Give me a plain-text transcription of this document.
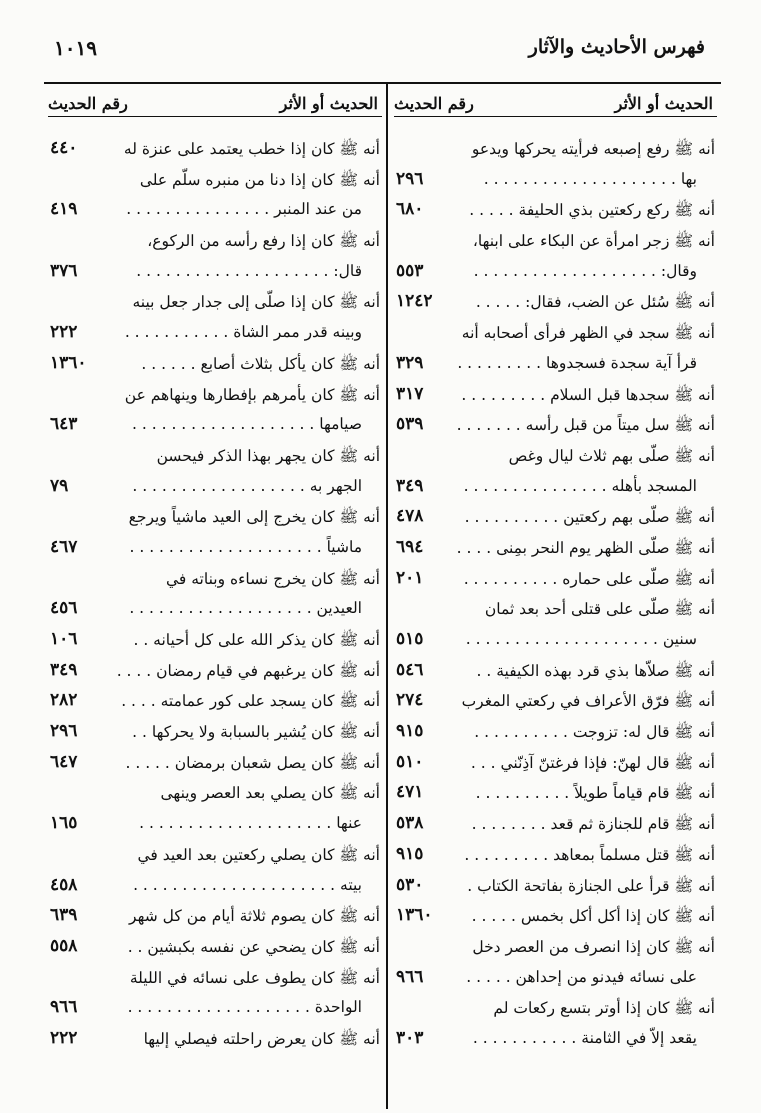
١٠١٩	فهرس الأحاديث والآثار
الحديث أو الأثر
رقم الحديث
أنه ﷺ رفع إصبعه فرأيته يحركها ويدعو
بها . . . . . . . . . . . . . . . . . . . .
٢٩٦
أنه ﷺ ركع ركعتين بذي الحليفة . . . . .
٦٨٠
أنه ﷺ زجر امرأة عن البكاء على ابنها،
وقال: . . . . . . . . . . . . . . . . . . .
٥٥٣
أنه ﷺ سُئل عن الضب، فقال: . . . . .
١٢٤٢
أنه ﷺ سجد في الظهر فرأى أصحابه أنه
قرأ آية سجدة فسجدوها . . . . . . . . .
٣٢٩
أنه ﷺ سجدها قبل السلام . . . . . . . . .
٣١٧
أنه ﷺ سل ميتاً من قبل رأسه . . . . . . .
٥٣٩
أنه ﷺ صلّى بهم ثلاث ليال وغص
المسجد بأهله . . . . . . . . . . . . . . .
٣٤٩
أنه ﷺ صلّى بهم ركعتين . . . . . . . . . .
٤٧٨
أنه ﷺ صلّى الظهر يوم النحر بمِنى . . . .
٦٩٤
أنه ﷺ صلّى على حماره . . . . . . . . . .
٢٠١
أنه ﷺ صلّى على قتلى أحد بعد ثمان
سنين . . . . . . . . . . . . . . . . . . . .
٥١٥
أنه ﷺ صلاّها بذي قرد بهذه الكيفية . .
٥٤٦
أنه ﷺ فرّق الأعراف في ركعتي المغرب
٢٧٤
أنه ﷺ قال له: تزوجت . . . . . . . . . .
٩١٥
أنه ﷺ قال لهنّ: فإذا فرغتنّ آذِنّني . . .
٥١٠
أنه ﷺ قام قياماً طويلاً . . . . . . . . . .
٤٧١
أنه ﷺ قام للجنازة ثم قعد . . . . . . . .
٥٣٨
أنه ﷺ قتل مسلماً بمعاهد . . . . . . . . .
٩١٥
أنه ﷺ قرأ على الجنازة بفاتحة الكتاب .
٥٣٠
أنه ﷺ كان إذا أكل أكل بخمس . . . . .
١٣٦٠
أنه ﷺ كان إذا انصرف من العصر دخل
على نسائه فيدنو من إحداهن . . . . .
٩٦٦
أنه ﷺ كان إذا أوتر بتسع ركعات لم
يقعد إلاّ في الثامنة . . . . . . . . . . .
٣٠٣
الحديث أو الأثر
رقم الحديث
أنه ﷺ كان إذا خطب يعتمد على عنزة له
٤٤٠
أنه ﷺ كان إذا دنا من منبره سلّم على
من عند المنبر . . . . . . . . . . . . . . .
٤١٩
أنه ﷺ كان إذا رفع رأسه من الركوع،
قال: . . . . . . . . . . . . . . . . . . . .
٣٧٦
أنه ﷺ كان إذا صلّى إلى جدار جعل بينه
وبينه قدر ممر الشاة . . . . . . . . . . .
٢٢٢
أنه ﷺ كان يأكل بثلاث أصابع . . . . . .
١٣٦٠
أنه ﷺ كان يأمرهم بإفطارها وينهاهم عن
صيامها . . . . . . . . . . . . . . . . . . .
٦٤٣
أنه ﷺ كان يجهر بهذا الذكر فيحسن
الجهر به . . . . . . . . . . . . . . . . . .
٧٩
أنه ﷺ كان يخرج إلى العيد ماشياً ويرجع
ماشياً . . . . . . . . . . . . . . . . . . . .
٤٦٧
أنه ﷺ كان يخرج نساءه وبناته في
العيدين . . . . . . . . . . . . . . . . . . .
٤٥٦
أنه ﷺ كان يذكر الله على كل أحيانه . .
١٠٦
أنه ﷺ كان يرغبهم في قيام رمضان . . . .
٣٤٩
أنه ﷺ كان يسجد على كور عمامته . . . .
٢٨٢
أنه ﷺ كان يُشير بالسبابة ولا يحركها . .
٢٩٦
أنه ﷺ كان يصل شعبان برمضان . . . . .
٦٤٧
أنه ﷺ كان يصلي بعد العصر وينهى
عنها . . . . . . . . . . . . . . . . . . . .
١٦٥
أنه ﷺ كان يصلي ركعتين بعد العيد في
بيته . . . . . . . . . . . . . . . . . . . . .
٤٥٨
أنه ﷺ كان يصوم ثلاثة أيام من كل شهر
٦٣٩
أنه ﷺ كان يضحي عن نفسه بكبشين . .
٥٥٨
أنه ﷺ كان يطوف على نسائه في الليلة
الواحدة . . . . . . . . . . . . . . . . . . .
٩٦٦
أنه ﷺ كان يعرض راحلته فيصلي إليها
٢٢٢
